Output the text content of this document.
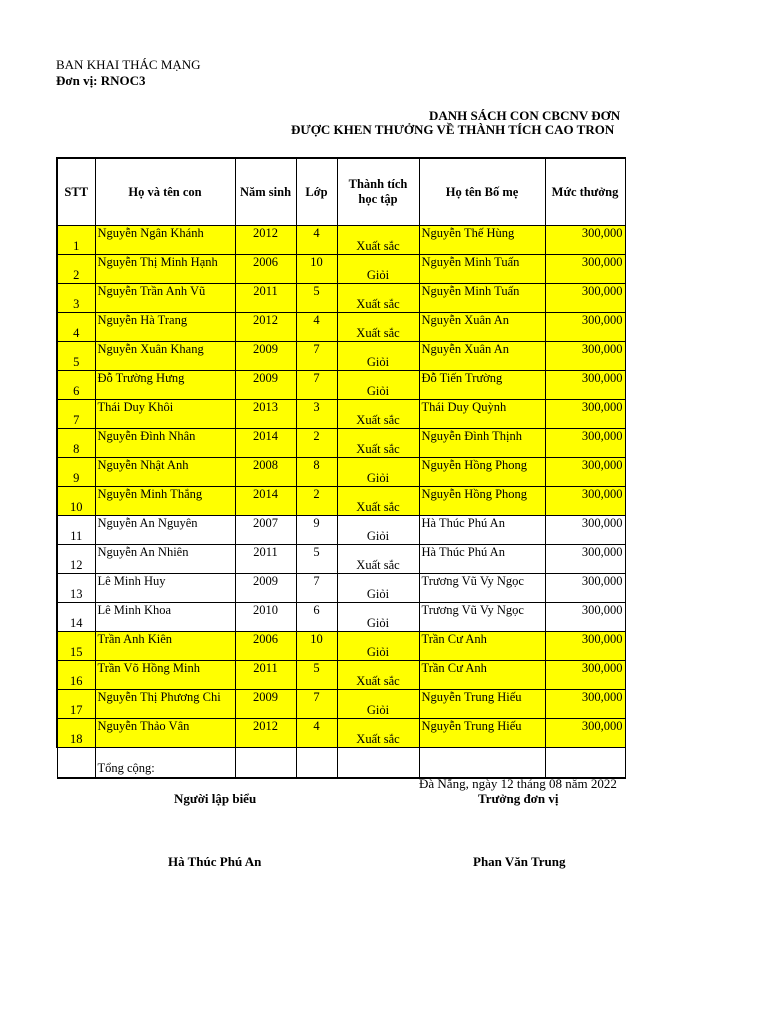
BAN KHAI THÁC MẠNG
Đơn vị: RNOC3
DANH SÁCH CON CBCNV ĐƠN
ĐƯỢC KHEN THƯỞNG VỀ THÀNH TÍCH CAO TRON
STT	Họ và tên con	Năm sinh	Lớp	Thành tích học tập	Họ tên Bố mẹ	Mức thưởng
1	Nguyễn Ngân Khánh	2012	4	Xuất sắc	Nguyễn Thế Hùng	300,000
2	Nguyễn Thị Minh Hạnh	2006	10	Giỏi	Nguyễn Minh Tuấn	300,000
3	Nguyễn Trần Anh Vũ	2011	5	Xuất sắc	Nguyễn Minh Tuấn	300,000
4	Nguyễn Hà Trang	2012	4	Xuất sắc	Nguyễn Xuân An	300,000
5	Nguyễn Xuân Khang	2009	7	Giỏi	Nguyễn Xuân An	300,000
6	Đỗ Trường Hưng	2009	7	Giỏi	Đỗ Tiến Trường	300,000
7	Thái Duy Khôi	2013	3	Xuất sắc	Thái Duy Quỳnh	300,000
8	Nguyễn Đình Nhân	2014	2	Xuất sắc	Nguyễn Đình Thịnh	300,000
9	Nguyễn Nhật Anh	2008	8	Giỏi	Nguyễn Hồng Phong	300,000
10	Nguyễn Minh Thắng	2014	2	Xuất sắc	Nguyễn Hồng Phong	300,000
11	Nguyễn An Nguyên	2007	9	Giỏi	Hà Thúc Phú An	300,000
12	Nguyễn An Nhiên	2011	5	Xuất sắc	Hà Thúc Phú An	300,000
13	Lê Minh Huy	2009	7	Giỏi	Trương Vũ Vy Ngọc	300,000
14	Lê Minh Khoa	2010	6	Giỏi	Trương Vũ Vy Ngọc	300,000
15	Trần Anh Kiên	2006	10	Giỏi	Trần Cư Anh	300,000
16	Trần Võ Hồng Minh	2011	5	Xuất sắc	Trần Cư Anh	300,000
17	Nguyễn Thị Phương Chi	2009	7	Giỏi	Nguyễn Trung Hiếu	300,000
18	Nguyễn Thảo Vân	2012	4	Xuất sắc	Nguyễn Trung Hiếu	300,000
	Tổng cộng:					
Đà Nẵng, ngày 12 tháng 08 năm 2022
Người lập biểu	Trưởng đơn vị
Hà Thúc Phú An	Phan Văn Trung
